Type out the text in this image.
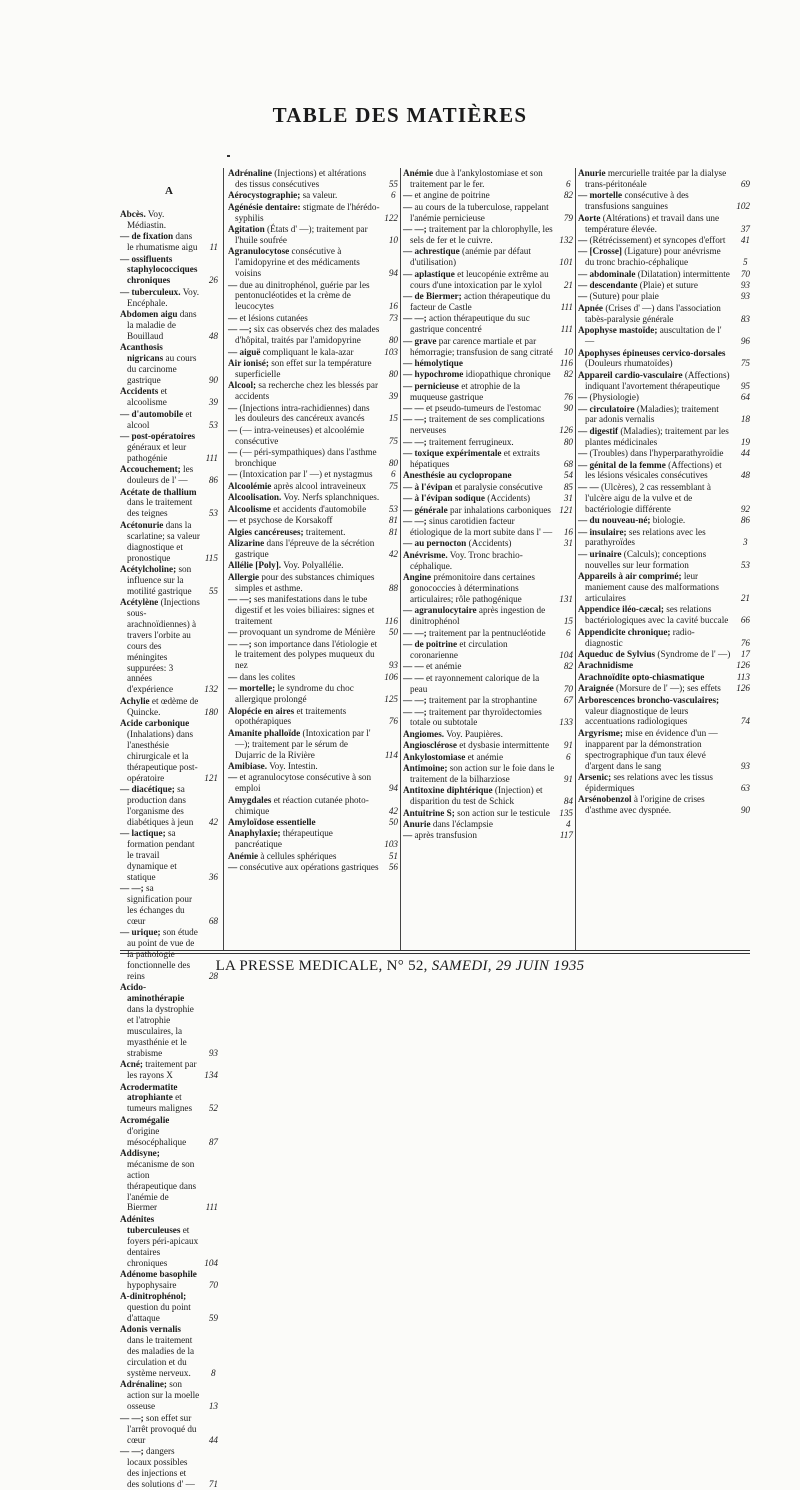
TABLE DES MATIÈRES
A
Abcès. Voy. Médiastin.
— de fixation dans le rhumatisme aigu 11
— ossifluents staphylococciques chroniques	26
— tuberculeux. Voy. Encéphale.
Abdomen aigu dans la maladie de Bouillaud	48
Acanthosis nigricans au cours du carcinome gastrique	90
Accidents et alcoolisme	39
— d'automobile et alcool	53
— post-opératoires généraux et leur pathogénie	111
Accouchement; les douleurs de l' — 86
Acétate de thallium dans le traitement des teignes	53
Acétonurie dans la scarlatine; sa valeur diagnostique et pronostique	115
Acétylcholine; son influence sur la motilité gastrique 55
Acétylène (Injections sous-arachnoïdiennes) à travers l'orbite au cours des méningites suppurées: 3 années d'expérience	132
Achylie et œdème de Quincke.	180
Acide carbonique (Inhalations) dans l'anesthésie chirurgicale et la thérapeutique post-opératoire	121
— diacétique; sa production dans l'organisme des diabétiques à jeun 42
— lactique; sa formation pendant le travail dynamique et statique	36
— —; sa signification pour les échanges du cœur	68
— urique; son étude au point de vue de la pathologie fonctionnelle des reins	28
Acido-aminothérapie dans la dystrophie et l'atrophie musculaires, la myasthénie et le strabisme	93
Acné; traitement par les rayons X	134
Acrodermatite atrophiante et tumeurs malignes 52
Acromégalie d'origine mésocéphalique 87
Addisyne; mécanisme de son action thérapeutique dans l'anémie de Biermer	111
Adénites tuberculeuses et foyers péri-apicaux dentaires chroniques	104
Adénome basophile hypophysaire	70
A-dinitrophénol; question du point d'attaque	59
Adonis vernalis dans le traitement des maladies de la circulation et du système nerveux. 8
Adrénaline; son action sur la moelle osseuse	13
— —; son effet sur l'arrêt provoqué du cœur	44
— —; dangers locaux possibles des injections et des solutions d' — 71
Adrénaline (Injections) et altérations des tissus consécutives	55
Aérocystographie; sa valeur.	6
Agénésie dentaire: stigmate de l'hérédo-syphilis	122
Agitation (États d' —); traitement par l'huile soufrée	10
Agranulocytose consécutive à l'amidopyrine et des médicaments voisins	94
— due au dinitrophénol, guérie par les pentonucléotides et la crème de leucocytes	16
— et lésions cutanées	73
— —; six cas observés chez des malades d'hôpital, traités par l'amidopyrine	80
— aiguë compliquant le kala-azar	103
Air ionisé; son effet sur la température superficielle	80
Alcool; sa recherche chez les blessés par accidents	39
— (Injections intra-rachidiennes) dans les douleurs des cancéreux avancés	15
— (— intra-veineuses) et alcoolémie consécutive	75
— (— péri-sympathiques) dans l'asthme bronchique	80
— (Intoxication par l' —) et nystagmus 6
Alcoolémie après alcool intraveineux 75
Alcoolisation. Voy. Nerfs splanchniques.
Alcoolisme et accidents d'automobile 53
— et psychose de Korsakoff	81
Algies cancéreuses; traitement.	81
Alizarine dans l'épreuve de la sécrétion gastrique	42
Allélie [Poly]. Voy. Polyallélie.
Allergie pour des substances chimiques simples et asthme.	88
— —; ses manifestations dans le tube digestif et les voies biliaires: signes et traitement	116
— provoquant un syndrome de Ménière 50
— —; son importance dans l'étiologie et le traitement des polypes muqueux du nez	93
— dans les colites	106
— mortelle; le syndrome du choc allergique prolongé	125
Alopécie en aires et traitements opothérapiques	76
Amanite phalloïde (Intoxication par l' —); traitement par le sérum de Dujarric de la Rivière	114
Amibiase. Voy. Intestin.
— et agranulocytose consécutive à son emploi	94
Amygdales et réaction cutanée photo-chimique	42
Amyloïdose essentielle	50
Anaphylaxie; thérapeutique pancréatique	103
Anémie à cellules sphériques	51
— consécutive aux opérations gastriques 56
Anémie due à l'ankylostomiase et son traitement par le fer.	6
— et angine de poitrine	82
— au cours de la tuberculose, rappelant l'anémie pernicieuse	79
— —; traitement par la chlorophylle, les sels de fer et le cuivre.	132
— achrestique (anémie par défaut d'utilisation)	101
— aplastique et leucopénie extrême au cours d'une intoxication par le xylol 21
— de Biermer; action thérapeutique du facteur de Castle	111
— —; action thérapeutique du suc gastrique concentré	111
— grave par carence martiale et par hémorragie; transfusion de sang citraté 10
— hémolytique	116
— hypochrome idiopathique chronique 82
— pernicieuse et atrophie de la muqueuse gastrique	76
— — et pseudo-tumeurs de l'estomac 90
— —; traitement de ses complications nerveuses	126
— —; traitement ferrugineux.	80
— toxique expérimentale et extraits hépatiques	68
Anesthésie au cyclopropane	54
— à l'évipan et paralysie consécutive 85
— à l'évipan sodique (Accidents)	31
— générale par inhalations carboniques 121
— —; sinus carotidien facteur étiologique de la mort subite dans l' — 16
— au pernocton (Accidents)	31
Anévrisme. Voy. Tronc brachio-céphalique.
Angine prémonitoire dans certaines gonococcies à déterminations articulaires; rôle pathogénique	131
— agranulocytaire après ingestion de dinitrophénol	15
— —; traitement par la pentnucléotide 6
— de poitrine et circulation coronarienne	104
— — et anémie	82
— — et rayonnement calorique de la peau	70
— —; traitement par la strophantine	67
— —; traitement par thyroïdectomies totale ou subtotale	133
Angiomes. Voy. Paupières.
Angiosclérose et dysbasie intermittente 91
Ankylostomiase et anémie	6
Antimoine; son action sur le foie dans le traitement de la bilharziose	91
Antitoxine diphtérique (Injection) et disparition du test de Schick	84
Antuitrine S; son action sur le testicule 135
Anurie dans l'éclampsie	4
— après transfusion	117
Anurie mercurielle traitée par la dialyse trans-péritonéale	69
— mortelle consécutive à des transfusions sanguines	102
Aorte (Altérations) et travail dans une température élevée.	37
— (Rétrécissement) et syncopes d'effort 41
— [Crosse] (Ligature) pour anévrisme du tronc brachio-céphalique	5
— abdominale (Dilatation) intermittente 70
— descendante (Plaie) et suture	93
— (Suture) pour plaie	93
Apnée (Crises d' —) dans l'association tabès-paralysie générale	83
Apophyse mastoïde; auscultation de l' —	96
Apophyses épineuses cervico-dorsales (Douleurs rhumatoïdes)	75
Appareil cardio-vasculaire (Affections) indiquant l'avortement thérapeutique 95
— (Physiologie)	64
— circulatoire (Maladies); traitement par adonis vernalis	18
— digestif (Maladies); traitement par les plantes médicinales	19
— (Troubles) dans l'hyperparathyroïdie 44
— génital de la femme (Affections) et les lésions vésicales consécutives	48
— — (Ulcères), 2 cas ressemblant à l'ulcère aigu de la vulve et de bactériologie différente	92
— du nouveau-né; biologie.	86
— insulaire; ses relations avec les parathyroïdes	3
— urinaire (Calculs); conceptions nouvelles sur leur formation	53
Appareils à air comprimé; leur maniement cause des malformations articulaires	21
Appendice iléo-cæcal; ses relations bactériologiques avec la cavité buccale 66
Appendicite chronique; radio-diagnostic	76
Aqueduc de Sylvius (Syndrome de l' —) 17
Arachnidisme	126
Arachnoïdite opto-chiasmatique	113
Araignée (Morsure de l' —); ses effets 126
Arborescences broncho-vasculaires; valeur diagnostique de leurs accentuations radiologiques	74
Argyrisme; mise en évidence d'un — inapparent par la démonstration spectrographique d'un taux élevé d'argent dans le sang	93
Arsenic; ses relations avec les tissus épidermiques	63
Arsénobenzol à l'origine de crises d'asthme avec dyspnée.	90
LA PRESSE MEDICALE, N° 52, SAMEDI, 29 JUIN 1935
